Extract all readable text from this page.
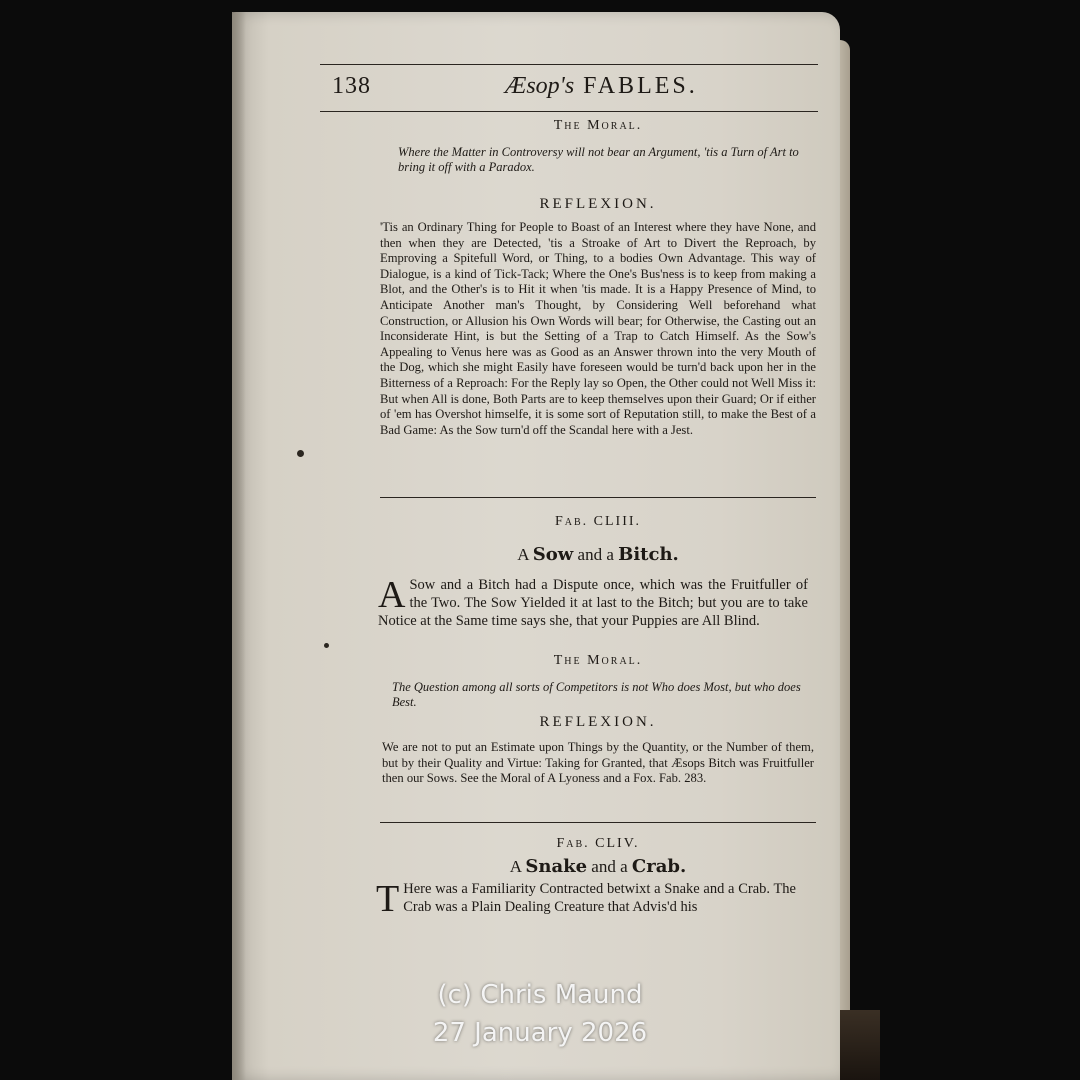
138	Æsop's FABLES.
The Moral.
Where the Matter in Controversy will not bear an Argument, 'tis a Turn of Art to bring it off with a Paradox.
REFLEXION.
'Tis an Ordinary Thing for People to Boast of an Interest where they have None, and then when they are Detected, 'tis a Stroake of Art to Divert the Reproach, by Emproving a Spitefull Word, or Thing, to a bodies Own Advantage. This way of Dialogue, is a kind of Tick-Tack; Where the One's Bus'ness is to keep from making a Blot, and the Other's is to Hit it when 'tis made. It is a Happy Presence of Mind, to Anticipate Another man's Thought, by Considering Well beforehand what Construction, or Allusion his Own Words will bear; for Otherwise, the Casting out an Inconsiderate Hint, is but the Setting of a Trap to Catch Himself. As the Sow's Appealing to Venus here was as Good as an Answer thrown into the very Mouth of the Dog, which she might Easily have foreseen would be turn'd back upon her in the Bitterness of a Reproach: For the Reply lay so Open, the Other could not Well Miss it: But when All is done, Both Parts are to keep themselves upon their Guard; Or if either of 'em has Overshot himselfe, it is some sort of Reputation still, to make the Best of a Bad Game: As the Sow turn'd off the Scandal here with a Jest.
Fab. CLIII.
A Sow and a Bitch.
A Sow and a Bitch had a Dispute once, which was the Fruitfuller of the Two. The Sow Yielded it at last to the Bitch; but you are to take Notice at the Same time says she, that your Puppies are All Blind.
The Moral.
The Question among all sorts of Competitors is not Who does Most, but who does Best.
REFLEXION.
We are not to put an Estimate upon Things by the Quantity, or the Number of them, but by their Quality and Virtue: Taking for Granted, that Æsops Bitch was Fruitfuller then our Sows. See the Moral of A Lyoness and a Fox. Fab. 283.
Fab. CLIV.
A Snake and a Crab.
T Here was a Familiarity Contracted betwixt a Snake and a Crab. The Crab was a Plain Dealing Creature that Advis'd his
(c) Chris Maund
27 January 2026
